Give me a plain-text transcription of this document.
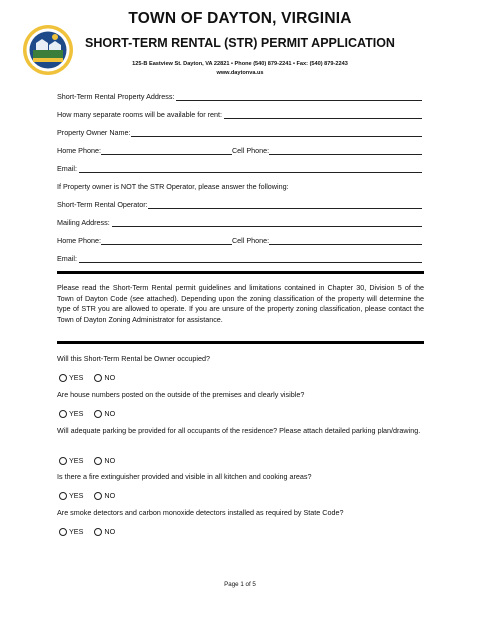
TOWN OF DAYTON, VIRGINIA
SHORT-TERM RENTAL (STR) PERMIT APPLICATION
125-B Eastview St. Dayton, VA 22821 • Phone (540) 879-2241 • Fax: (540) 879-2243
www.daytonva.us
Short-Term Rental Property Address:
How many separate rooms will be available for rent:
Property Owner Name:
Home Phone:	Cell Phone:
Email:
If Property owner is NOT the STR Operator, please answer the following:
Short-Term Rental Operator:
Mailing Address:
Home Phone:	Cell Phone:
Email:

Please read the Short-Term Rental permit guidelines and limitations contained in Chapter 30, Division 5 of the Town of Dayton Code (see attached). Depending upon the zoning classification of the property will determine the type of STR you are allowed to operate. If you are unsure of the property zoning classification, please contact the Town of Dayton Zoning Administrator for assistance.

Will this Short-Term Rental be Owner occupied?
YES	NO
Are house numbers posted on the outside of the premises and clearly visible?
YES	NO
Will adequate parking be provided for all occupants of the residence? Please attach detailed parking plan/drawing.
YES	NO
Is there a fire extinguisher provided and visible in all kitchen and cooking areas?
YES	NO
Are smoke detectors and carbon monoxide detectors installed as required by State Code?
YES	NO
Page 1 of 5
